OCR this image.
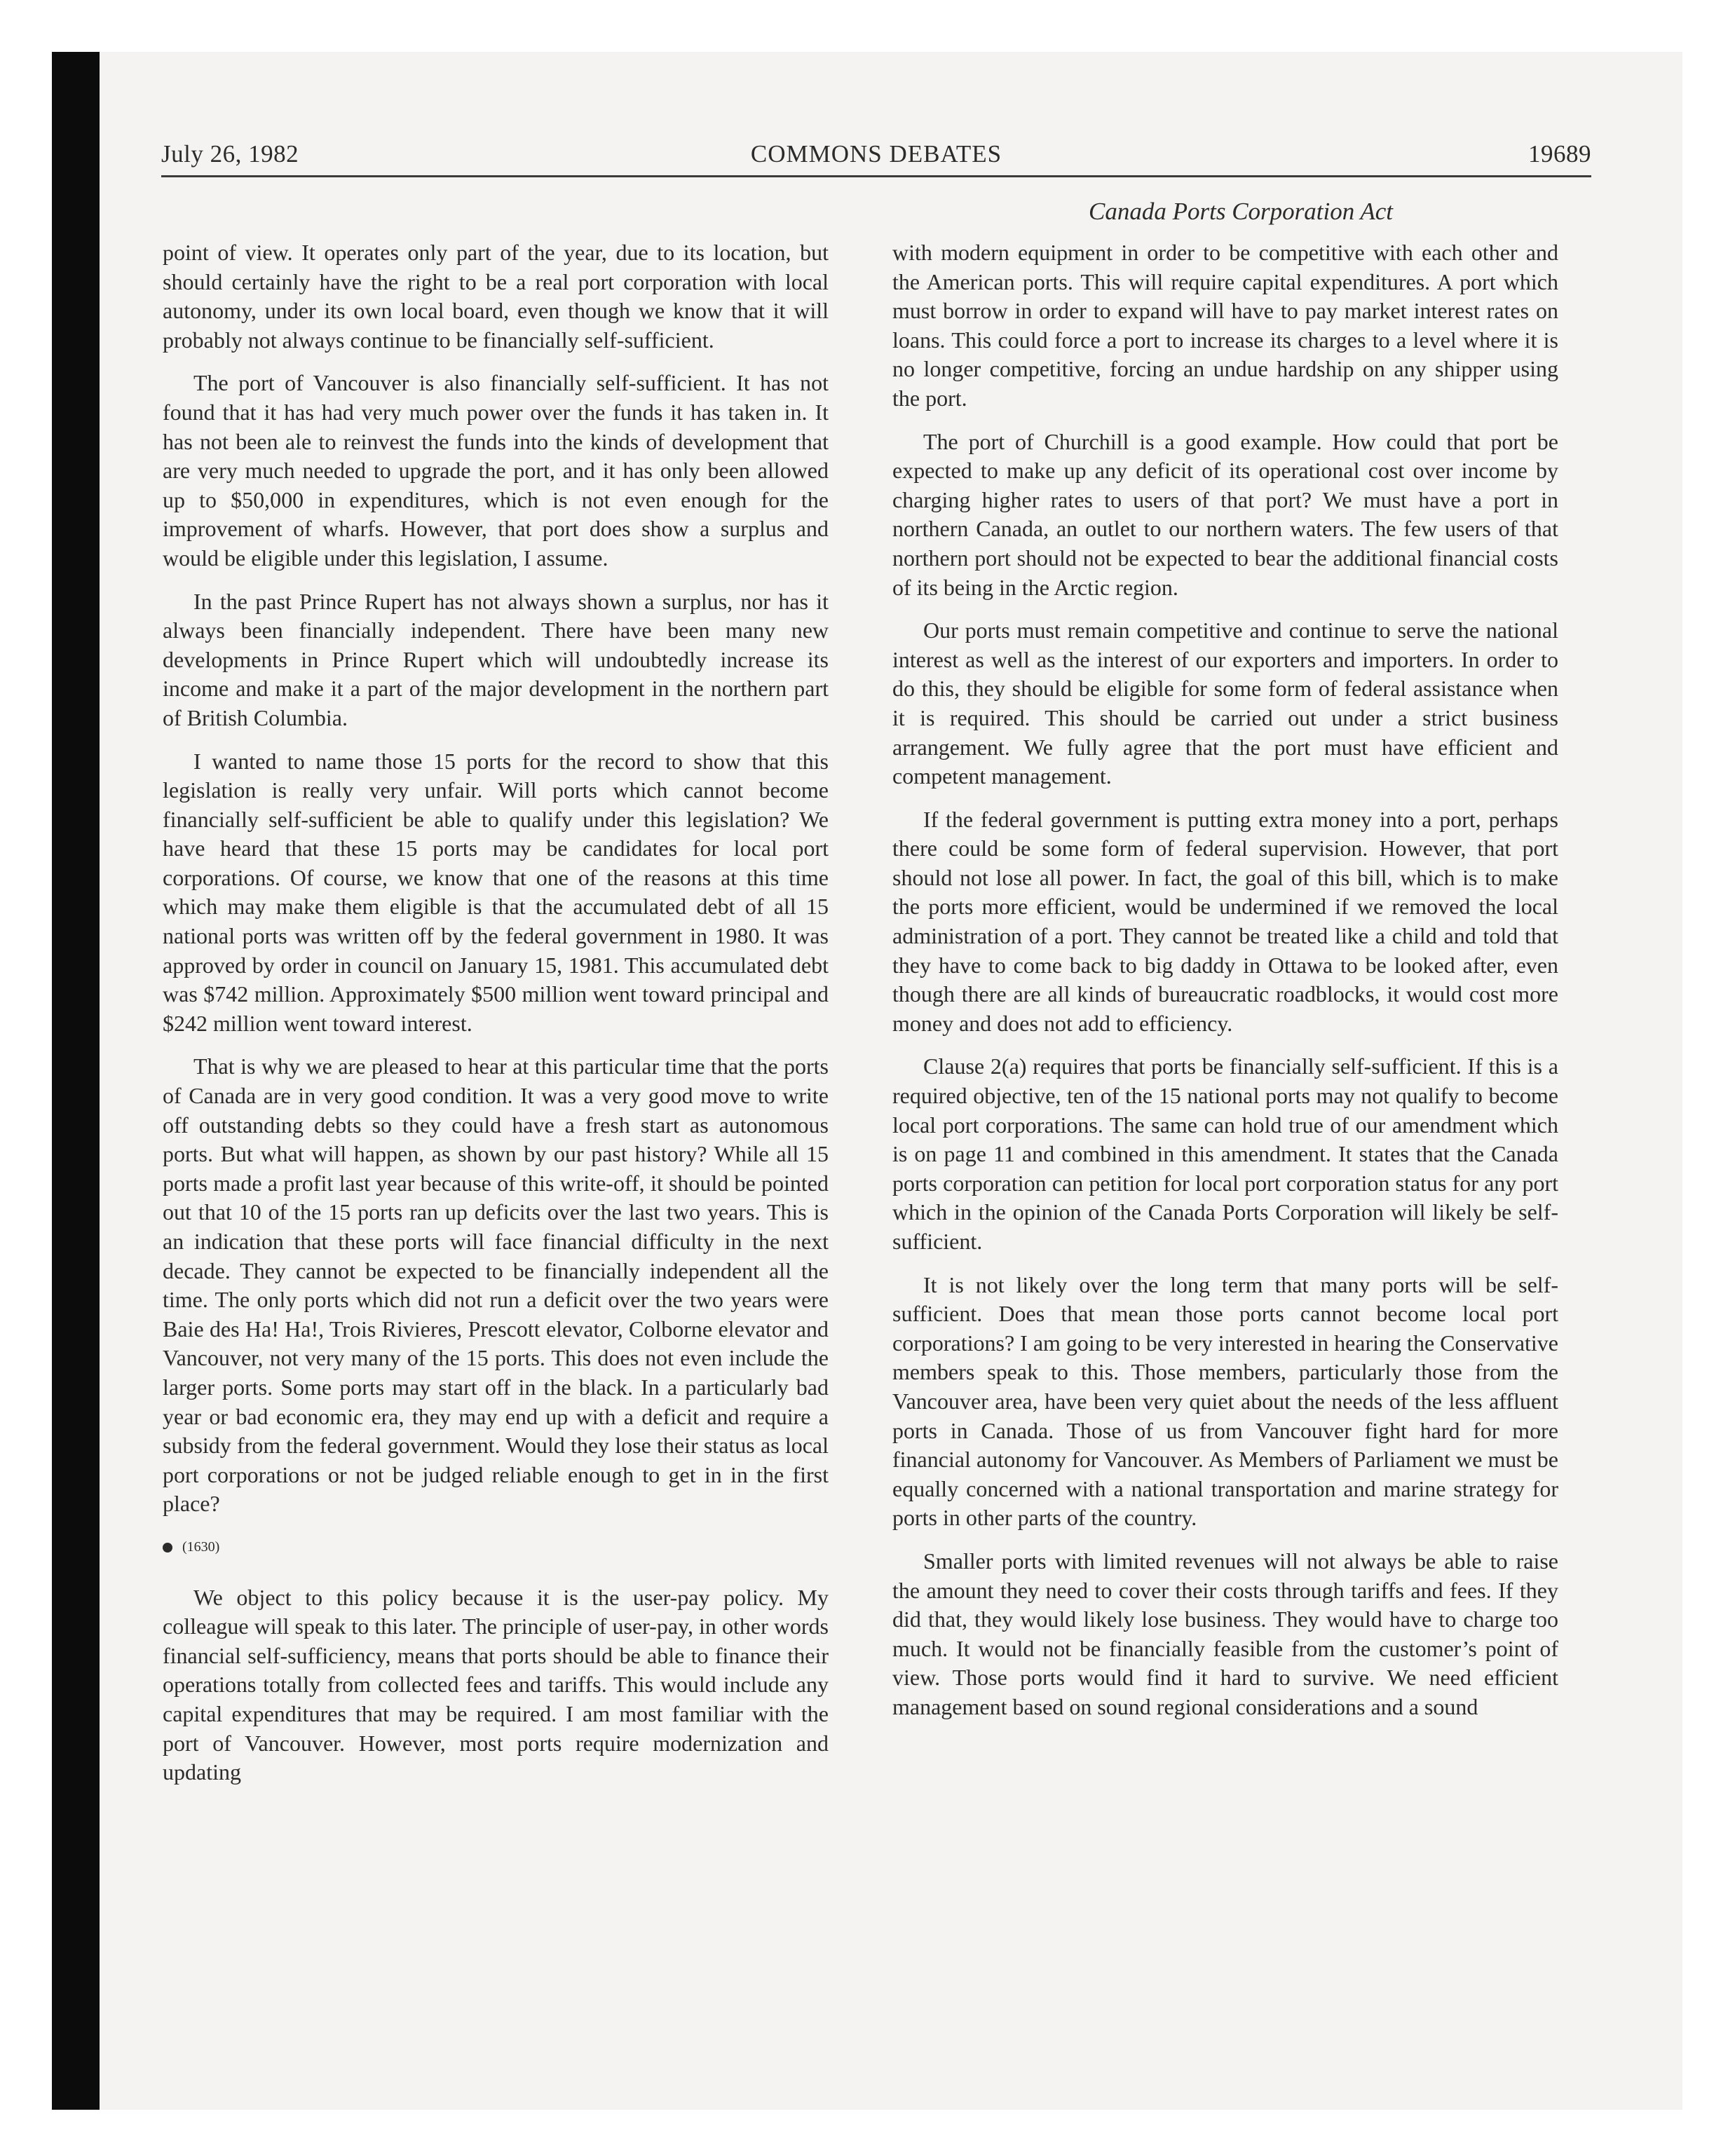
July 26, 1982	COMMONS DEBATES	19689
Canada Ports Corporation Act

point of view. It operates only part of the year, due to its location, but should certainly have the right to be a real port corporation with local autonomy, under its own local board, even though we know that it will probably not always continue to be financially self-sufficient.

The port of Vancouver is also financially self-sufficient. It has not found that it has had very much power over the funds it has taken in. It has not been ale to reinvest the funds into the kinds of development that are very much needed to upgrade the port, and it has only been allowed up to $50,000 in expenditures, which is not even enough for the improvement of wharfs. However, that port does show a surplus and would be eligible under this legislation, I assume.

In the past Prince Rupert has not always shown a surplus, nor has it always been financially independent. There have been many new developments in Prince Rupert which will undoubtedly increase its income and make it a part of the major development in the northern part of British Columbia.

I wanted to name those 15 ports for the record to show that this legislation is really very unfair. Will ports which cannot become financially self-sufficient be able to qualify under this legislation? We have heard that these 15 ports may be candidates for local port corporations. Of course, we know that one of the reasons at this time which may make them eligible is that the accumulated debt of all 15 national ports was written off by the federal government in 1980. It was approved by order in council on January 15, 1981. This accumulated debt was $742 million. Approximately $500 million went toward principal and $242 million went toward interest.

That is why we are pleased to hear at this particular time that the ports of Canada are in very good condition. It was a very good move to write off outstanding debts so they could have a fresh start as autonomous ports. But what will happen, as shown by our past history? While all 15 ports made a profit last year because of this write-off, it should be pointed out that 10 of the 15 ports ran up deficits over the last two years. This is an indication that these ports will face financial difficulty in the next decade. They cannot be expected to be financially independent all the time. The only ports which did not run a deficit over the two years were Baie des Ha! Ha!, Trois Rivieres, Prescott elevator, Colborne elevator and Vancouver, not very many of the 15 ports. This does not even include the larger ports. Some ports may start off in the black. In a particularly bad year or bad economic era, they may end up with a deficit and require a subsidy from the federal government. Would they lose their status as local port corporations or not be judged reliable enough to get in in the first place?

(1630)

We object to this policy because it is the user-pay policy. My colleague will speak to this later. The principle of user-pay, in other words financial self-sufficiency, means that ports should be able to finance their operations totally from collected fees and tariffs. This would include any capital expenditures that may be required. I am most familiar with the port of Vancouver. However, most ports require modernization and updating

with modern equipment in order to be competitive with each other and the American ports. This will require capital expenditures. A port which must borrow in order to expand will have to pay market interest rates on loans. This could force a port to increase its charges to a level where it is no longer competitive, forcing an undue hardship on any shipper using the port.

The port of Churchill is a good example. How could that port be expected to make up any deficit of its operational cost over income by charging higher rates to users of that port? We must have a port in northern Canada, an outlet to our northern waters. The few users of that northern port should not be expected to bear the additional financial costs of its being in the Arctic region.

Our ports must remain competitive and continue to serve the national interest as well as the interest of our exporters and importers. In order to do this, they should be eligible for some form of federal assistance when it is required. This should be carried out under a strict business arrangement. We fully agree that the port must have efficient and competent management.

If the federal government is putting extra money into a port, perhaps there could be some form of federal supervision. However, that port should not lose all power. In fact, the goal of this bill, which is to make the ports more efficient, would be undermined if we removed the local administration of a port. They cannot be treated like a child and told that they have to come back to big daddy in Ottawa to be looked after, even though there are all kinds of bureaucratic roadblocks, it would cost more money and does not add to efficiency.

Clause 2(a) requires that ports be financially self-sufficient. If this is a required objective, ten of the 15 national ports may not qualify to become local port corporations. The same can hold true of our amendment which is on page 11 and combined in this amendment. It states that the Canada ports corporation can petition for local port corporation status for any port which in the opinion of the Canada Ports Corporation will likely be self-sufficient.

It is not likely over the long term that many ports will be self-sufficient. Does that mean those ports cannot become local port corporations? I am going to be very interested in hearing the Conservative members speak to this. Those members, particularly those from the Vancouver area, have been very quiet about the needs of the less affluent ports in Canada. Those of us from Vancouver fight hard for more financial autonomy for Vancouver. As Members of Parliament we must be equally concerned with a national transportation and marine strategy for ports in other parts of the country.

Smaller ports with limited revenues will not always be able to raise the amount they need to cover their costs through tariffs and fees. If they did that, they would likely lose business. They would have to charge too much. It would not be financially feasible from the customer’s point of view. Those ports would find it hard to survive. We need efficient management based on sound regional considerations and a sound
